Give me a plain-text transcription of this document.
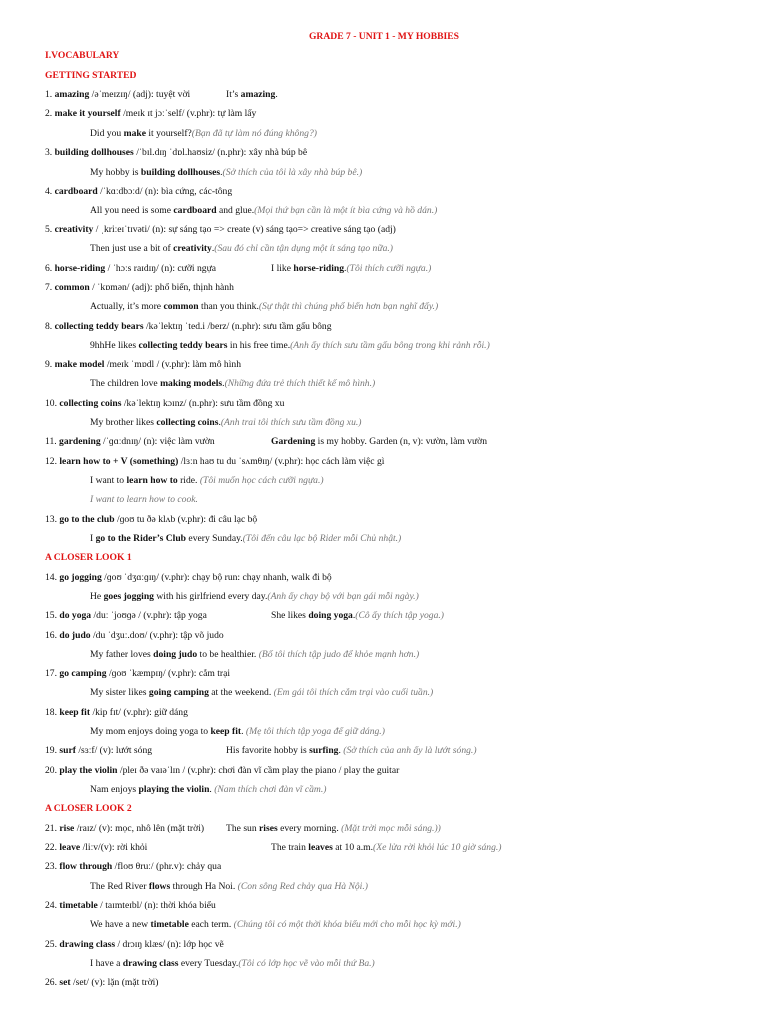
GRADE 7 - UNIT 1 - MY HOBBIES
I.VOCABULARY
GETTING STARTED
1. amazing /əˈmeɪzɪŋ/ (adj): tuyệt vời	It’s amazing.
2. make it yourself /meɪk ɪt jɔːˈself/ (v.phr): tự làm lấy
Did you make it yourself?(Bạn đã tự làm nó đúng không?)
3. building dollhouses /ˈbɪl.dɪŋ ˈdɒl.haʊsiz/ (n.phr): xây nhà búp bê
My hobby is building dollhouses.(Sở thích của tôi là xây nhà búp bê.)
4. cardboard /ˈkɑːdbɔːd/ (n): bìa cứng, các-tông
All you need is some cardboard and glue.(Mọi thứ bạn cần là một ít bìa cứng và hồ dán.)
5. creativity / ˌkriːeɪˈtɪvəti/ (n): sự sáng tạo => create (v) sáng tạo=> creative sáng tạo (adj)
Then just use a bit of creativity.(Sau đó chỉ cần tận dụng một ít sáng tạo nữa.)
6. horse-riding / ˈhɔːs raɪdɪŋ/ (n): cưỡi ngựa	I like horse-riding.(Tôi thích cưỡi ngựa.)
7. common / ˈkɒmən/ (adj): phổ biến, thịnh hành
Actually, it’s more common than you think.(Sự thật thì chúng phổ biến hơn bạn nghĩ đấy.)
8. collecting teddy bears /kəˈlektɪŋ ˈted.i /berz/ (n.phr): sưu tầm gấu bông
9hhHe likes collecting teddy bears in his free time.(Anh ấy thích sưu tầm gấu bông trong khi rảnh rỗi.)
9. make model /meɪk ˈmɒdl / (v.phr): làm mô hình
The children love making models.(Những đứa trẻ thích thiết kế mô hình.)
10. collecting coins /kəˈlektɪŋ kɔɪnz/ (n.phr): sưu tầm đồng xu
My brother likes collecting coins.(Anh trai tôi thích sưu tầm đồng xu.)
11. gardening /ˈɡɑːdnɪŋ/ (n): việc làm vườn	Gardening is my hobby. Garden (n, v): vườn, làm vườn
12. learn how to + V (something) /lɜːn haʊ tu du ˈsʌmθɪŋ/ (v.phr): học cách làm việc gì
I want to learn how to ride. (Tôi muốn học cách cưỡi ngựa.)
I want to learn how to cook.
13. go to the club /ɡoʊ tu ðə klʌb (v.phr): đi câu lạc bộ
I go to the Rider’s Club every Sunday.(Tôi đến câu lạc bộ Rider mỗi Chủ nhật.)
A CLOSER LOOK 1
14. go jogging /ɡoʊ ˈdʒɑːɡɪŋ/ (v.phr): chạy bộ run: chạy nhanh, walk đi bộ
He goes jogging with his girlfriend every day.(Anh ấy chạy bộ với bạn gái mỗi ngày.)
15. do yoga /duː ˈjoʊɡə / (v.phr): tập yoga	She likes doing yoga.(Cô ấy thích tập yoga.)
16. do judo /du ˈdʒuː.doʊ/ (v.phr): tập võ judo
My father loves doing judo to be healthier. (Bố tôi thích tập judo để khỏe mạnh hơn.)
17. go camping /ɡoʊ ˈkæmpɪŋ/ (v.phr): cắm trại
My sister likes going camping at the weekend. (Em gái tôi thích cắm trại vào cuối tuần.)
18. keep fit /kip fɪt/ (v.phr): giữ dáng
My mom enjoys doing yoga to keep fit. (Mẹ tôi thích tập yoga để giữ dáng.)
19. surf /sɜːf/ (v): lướt sóng	His favorite hobby is surfing. (Sở thích của anh ấy là lướt sóng.)
20. play the violin /pleɪ ðə vaɪəˈlɪn / (v.phr): chơi đàn vĩ cầm play the piano / play the guitar
Nam enjoys playing the violin. (Nam thích chơi đàn vĩ cầm.)
A CLOSER LOOK 2
21. rise /raɪz/ (v): mọc, nhô lên (mặt trời) The sun rises every morning. (Mặt trời mọc mỗi sáng.))
22. leave /liːv/(v): rời khỏi	The train leaves at 10 a.m.(Xe lửa rời khỏi lúc 10 giờ sáng.)
23. flow through /floʊ θruː/ (phr.v): chảy qua
The Red River flows through Ha Noi. (Con sông Red chảy qua Hà Nội.)
24. timetable / taɪmteɪbl/ (n): thời khóa biểu
We have a new timetable each term. (Chúng tôi có một thời khóa biểu mới cho mỗi học kỳ mới.)
25. drawing class / drɔɪŋ klæs/ (n): lớp học vẽ
I have a drawing class every Tuesday.(Tôi có lớp học vẽ vào mỗi thứ Ba.)
26. set /set/ (v): lặn (mặt trời)
